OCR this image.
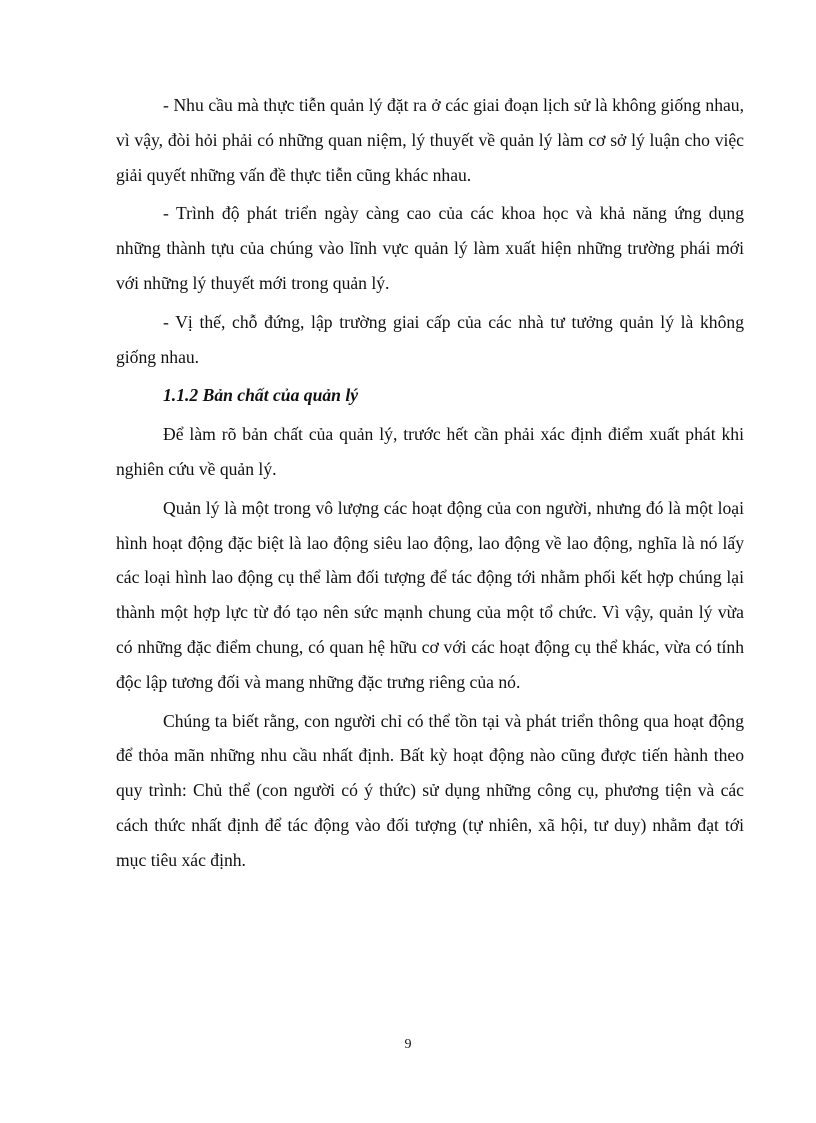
- Nhu cầu mà thực tiễn quản lý đặt ra ở các giai đoạn lịch sử là không giống nhau, vì vậy, đòi hỏi phải có những quan niệm, lý thuyết về quản lý làm cơ sở lý luận cho việc giải quyết những vấn đề thực tiễn cũng khác nhau.

- Trình độ phát triển ngày càng cao của các khoa học và khả năng ứng dụng những thành tựu của chúng vào lĩnh vực quản lý làm xuất hiện những trường phái mới với những lý thuyết mới trong quản lý.

- Vị thế, chỗ đứng, lập trường giai cấp của các nhà tư tưởng quản lý là không giống nhau.

1.1.2 Bản chất của quản lý

Để làm rõ bản chất của quản lý, trước hết cần phải xác định điểm xuất phát khi nghiên cứu về quản lý.

Quản lý là một trong vô lượng các hoạt động của con người, nhưng đó là một loại hình hoạt động đặc biệt là lao động siêu lao động, lao động về lao động, nghĩa là nó lấy các loại hình lao động cụ thể làm đối tượng để tác động tới nhằm phối kết hợp chúng lại thành một hợp lực từ đó tạo nên sức mạnh chung của một tổ chức. Vì vậy, quản lý vừa có những đặc điểm chung, có quan hệ hữu cơ với các hoạt động cụ thể khác, vừa có tính độc lập tương đối và mang những đặc trưng riêng của nó.

Chúng ta biết rằng, con người chỉ có thể tồn tại và phát triển thông qua hoạt động để thỏa mãn những nhu cầu nhất định. Bất kỳ hoạt động nào cũng được tiến hành theo quy trình: Chủ thể (con người có ý thức) sử dụng những công cụ, phương tiện và các cách thức nhất định để tác động vào đối tượng (tự nhiên, xã hội, tư duy) nhằm đạt tới mục tiêu xác định.

9
